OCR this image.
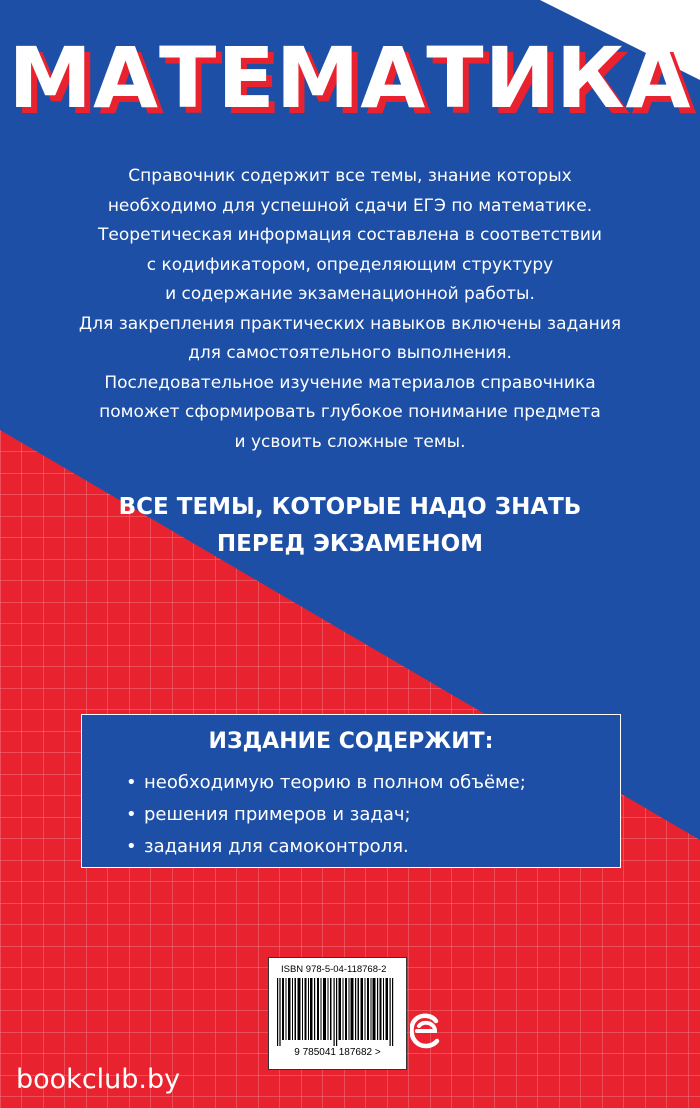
МАТЕМАТИКА
Справочник содержит все темы, знание которых
необходимо для успешной сдачи ЕГЭ по математике.
Теоретическая информация составлена в соответствии
с кодификатором, определяющим структуру
и содержание экзаменационной работы.
Для закрепления практических навыков включены задания
для самостоятельного выполнения.
Последовательное изучение материалов справочника
поможет сформировать глубокое понимание предмета
и усвоить сложные темы.
ВСЕ ТЕМЫ, КОТОРЫЕ НАДО ЗНАТЬ
ПЕРЕД ЭКЗАМЕНОМ
ИЗДАНИЕ СОДЕРЖИТ:
• необходимую теорию в полном объёме;
• решения примеров и задач;
• задания для самоконтроля.
ISBN 978-5-04-118768-2
9 785041 187682 >
bookclub.by
